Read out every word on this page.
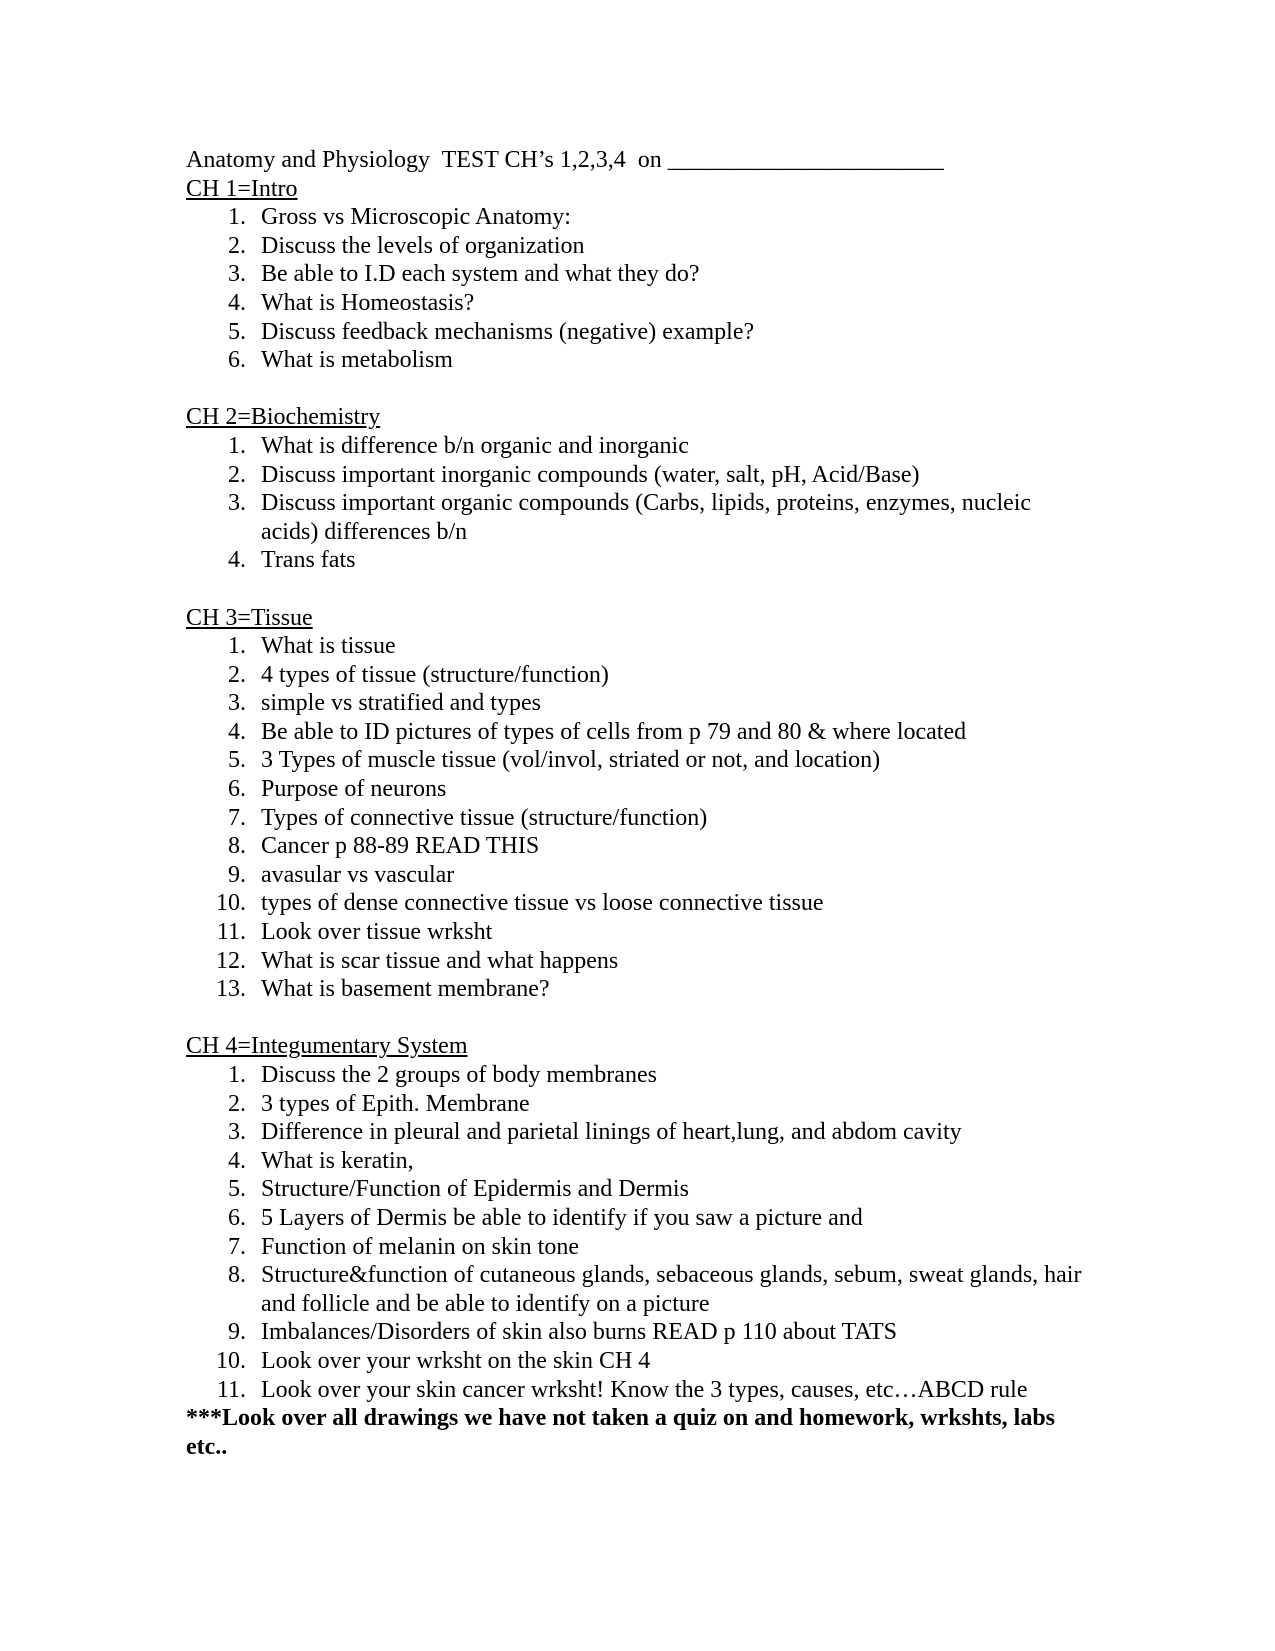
Anatomy and Physiology  TEST CH’s 1,2,3,4  on _______________________
CH 1=Intro
1. Gross vs Microscopic Anatomy:
2. Discuss the levels of organization
3. Be able to I.D each system and what they do?
4. What is Homeostasis?
5. Discuss feedback mechanisms (negative) example?
6. What is metabolism
CH 2=Biochemistry
1. What is difference b/n organic and inorganic
2. Discuss important inorganic compounds (water, salt, pH, Acid/Base)
3. Discuss important organic compounds (Carbs, lipids, proteins, enzymes, nucleic acids) differences b/n
4. Trans fats
CH 3=Tissue
1. What is tissue
2. 4 types of tissue (structure/function)
3. simple vs stratified and types
4. Be able to ID pictures of types of cells from p 79 and 80 & where located
5. 3 Types of muscle tissue (vol/invol, striated or not, and location)
6. Purpose of neurons
7. Types of connective tissue (structure/function)
8. Cancer p 88-89 READ THIS
9. avasular vs vascular
10. types of dense connective tissue vs loose connective tissue
11. Look over tissue wrksht
12. What is scar tissue and what happens
13. What is basement membrane?
CH 4=Integumentary System
1. Discuss the 2 groups of body membranes
2. 3 types of Epith. Membrane
3. Difference in pleural and parietal linings of heart,lung, and abdom cavity
4. What is keratin,
5. Structure/Function of Epidermis and Dermis
6. 5 Layers of Dermis be able to identify if you saw a picture and
7. Function of melanin on skin tone
8. Structure&function of cutaneous glands, sebaceous glands, sebum, sweat glands, hair and follicle and be able to identify on a picture
9. Imbalances/Disorders of skin also burns READ p 110 about TATS
10. Look over your wrksht on the skin CH 4
11. Look over your skin cancer wrksht! Know the 3 types, causes, etc…ABCD rule
***Look over all drawings we have not taken a quiz on and homework, wrkshts, labs etc..
